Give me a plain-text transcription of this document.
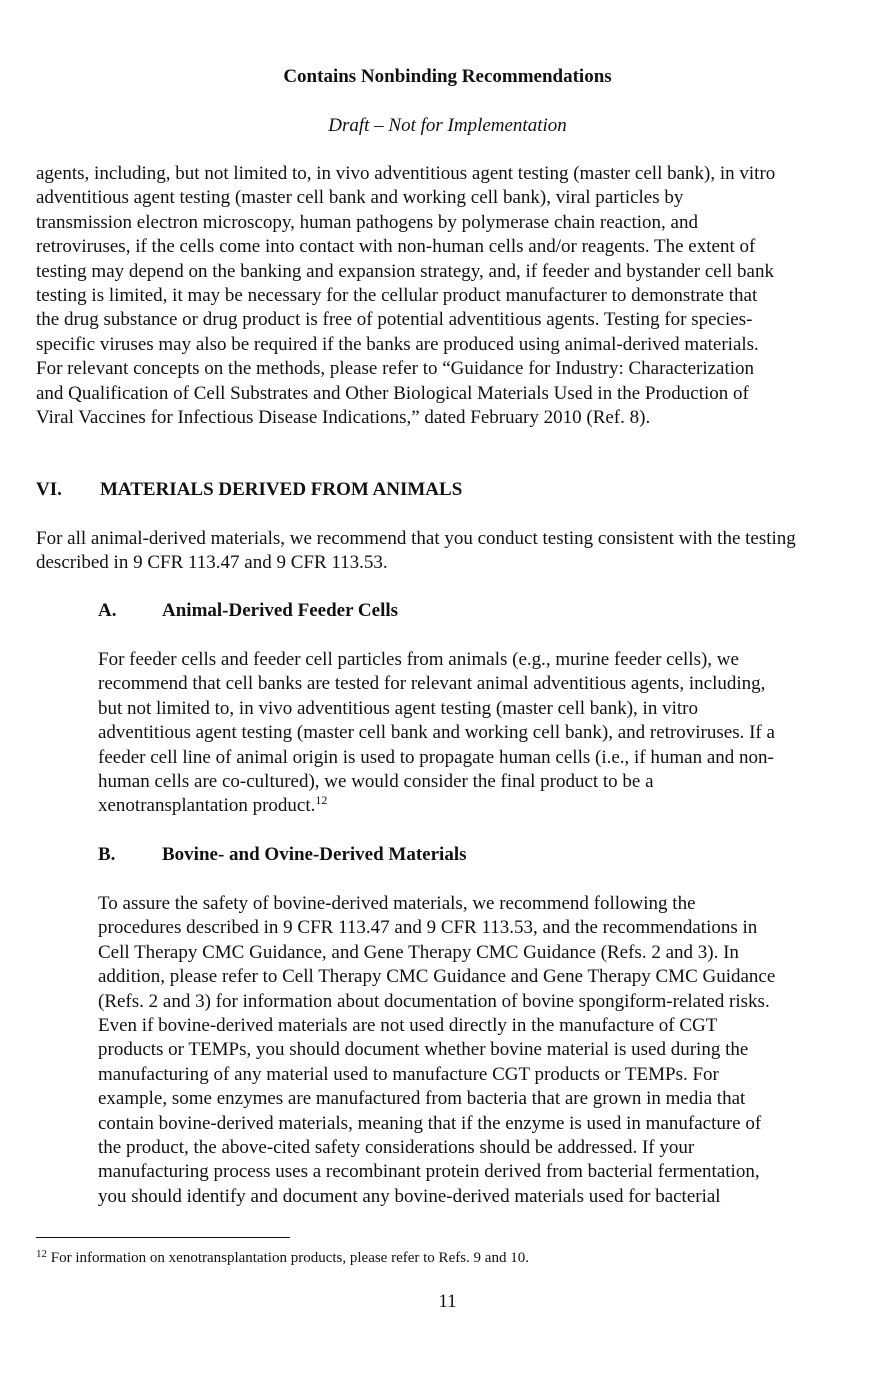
Contains Nonbinding Recommendations
Draft – Not for Implementation
agents, including, but not limited to, in vivo adventitious agent testing (master cell bank), in vitro
adventitious agent testing (master cell bank and working cell bank), viral particles by
transmission electron microscopy, human pathogens by polymerase chain reaction, and
retroviruses, if the cells come into contact with non-human cells and/or reagents. The extent of
testing may depend on the banking and expansion strategy, and, if feeder and bystander cell bank
testing is limited, it may be necessary for the cellular product manufacturer to demonstrate that
the drug substance or drug product is free of potential adventitious agents. Testing for species-
specific viruses may also be required if the banks are produced using animal-derived materials.
For relevant concepts on the methods, please refer to “Guidance for Industry: Characterization
and Qualification of Cell Substrates and Other Biological Materials Used in the Production of
Viral Vaccines for Infectious Disease Indications,” dated February 2010 (Ref. 8).
VI. MATERIALS DERIVED FROM ANIMALS
For all animal-derived materials, we recommend that you conduct testing consistent with the testing
described in 9 CFR 113.47 and 9 CFR 113.53.
A. Animal-Derived Feeder Cells
For feeder cells and feeder cell particles from animals (e.g., murine feeder cells), we
recommend that cell banks are tested for relevant animal adventitious agents, including,
but not limited to, in vivo adventitious agent testing (master cell bank), in vitro
adventitious agent testing (master cell bank and working cell bank), and retroviruses. If a
feeder cell line of animal origin is used to propagate human cells (i.e., if human and non-
human cells are co-cultured), we would consider the final product to be a
xenotransplantation product.$^{12}$
B. Bovine- and Ovine-Derived Materials
To assure the safety of bovine-derived materials, we recommend following the
procedures described in 9 CFR 113.47 and 9 CFR 113.53, and the recommendations in
Cell Therapy CMC Guidance, and Gene Therapy CMC Guidance (Refs. 2 and 3). In
addition, please refer to Cell Therapy CMC Guidance and Gene Therapy CMC Guidance
(Refs. 2 and 3) for information about documentation of bovine spongiform-related risks.
Even if bovine-derived materials are not used directly in the manufacture of CGT
products or TEMPs, you should document whether bovine material is used during the
manufacturing of any material used to manufacture CGT products or TEMPs. For
example, some enzymes are manufactured from bacteria that are grown in media that
contain bovine-derived materials, meaning that if the enzyme is used in manufacture of
the product, the above-cited safety considerations should be addressed. If your
manufacturing process uses a recombinant protein derived from bacterial fermentation,
you should identify and document any bovine-derived materials used for bacterial
$^{12}$ For information on xenotransplantation products, please refer to Refs. 9 and 10.
11
